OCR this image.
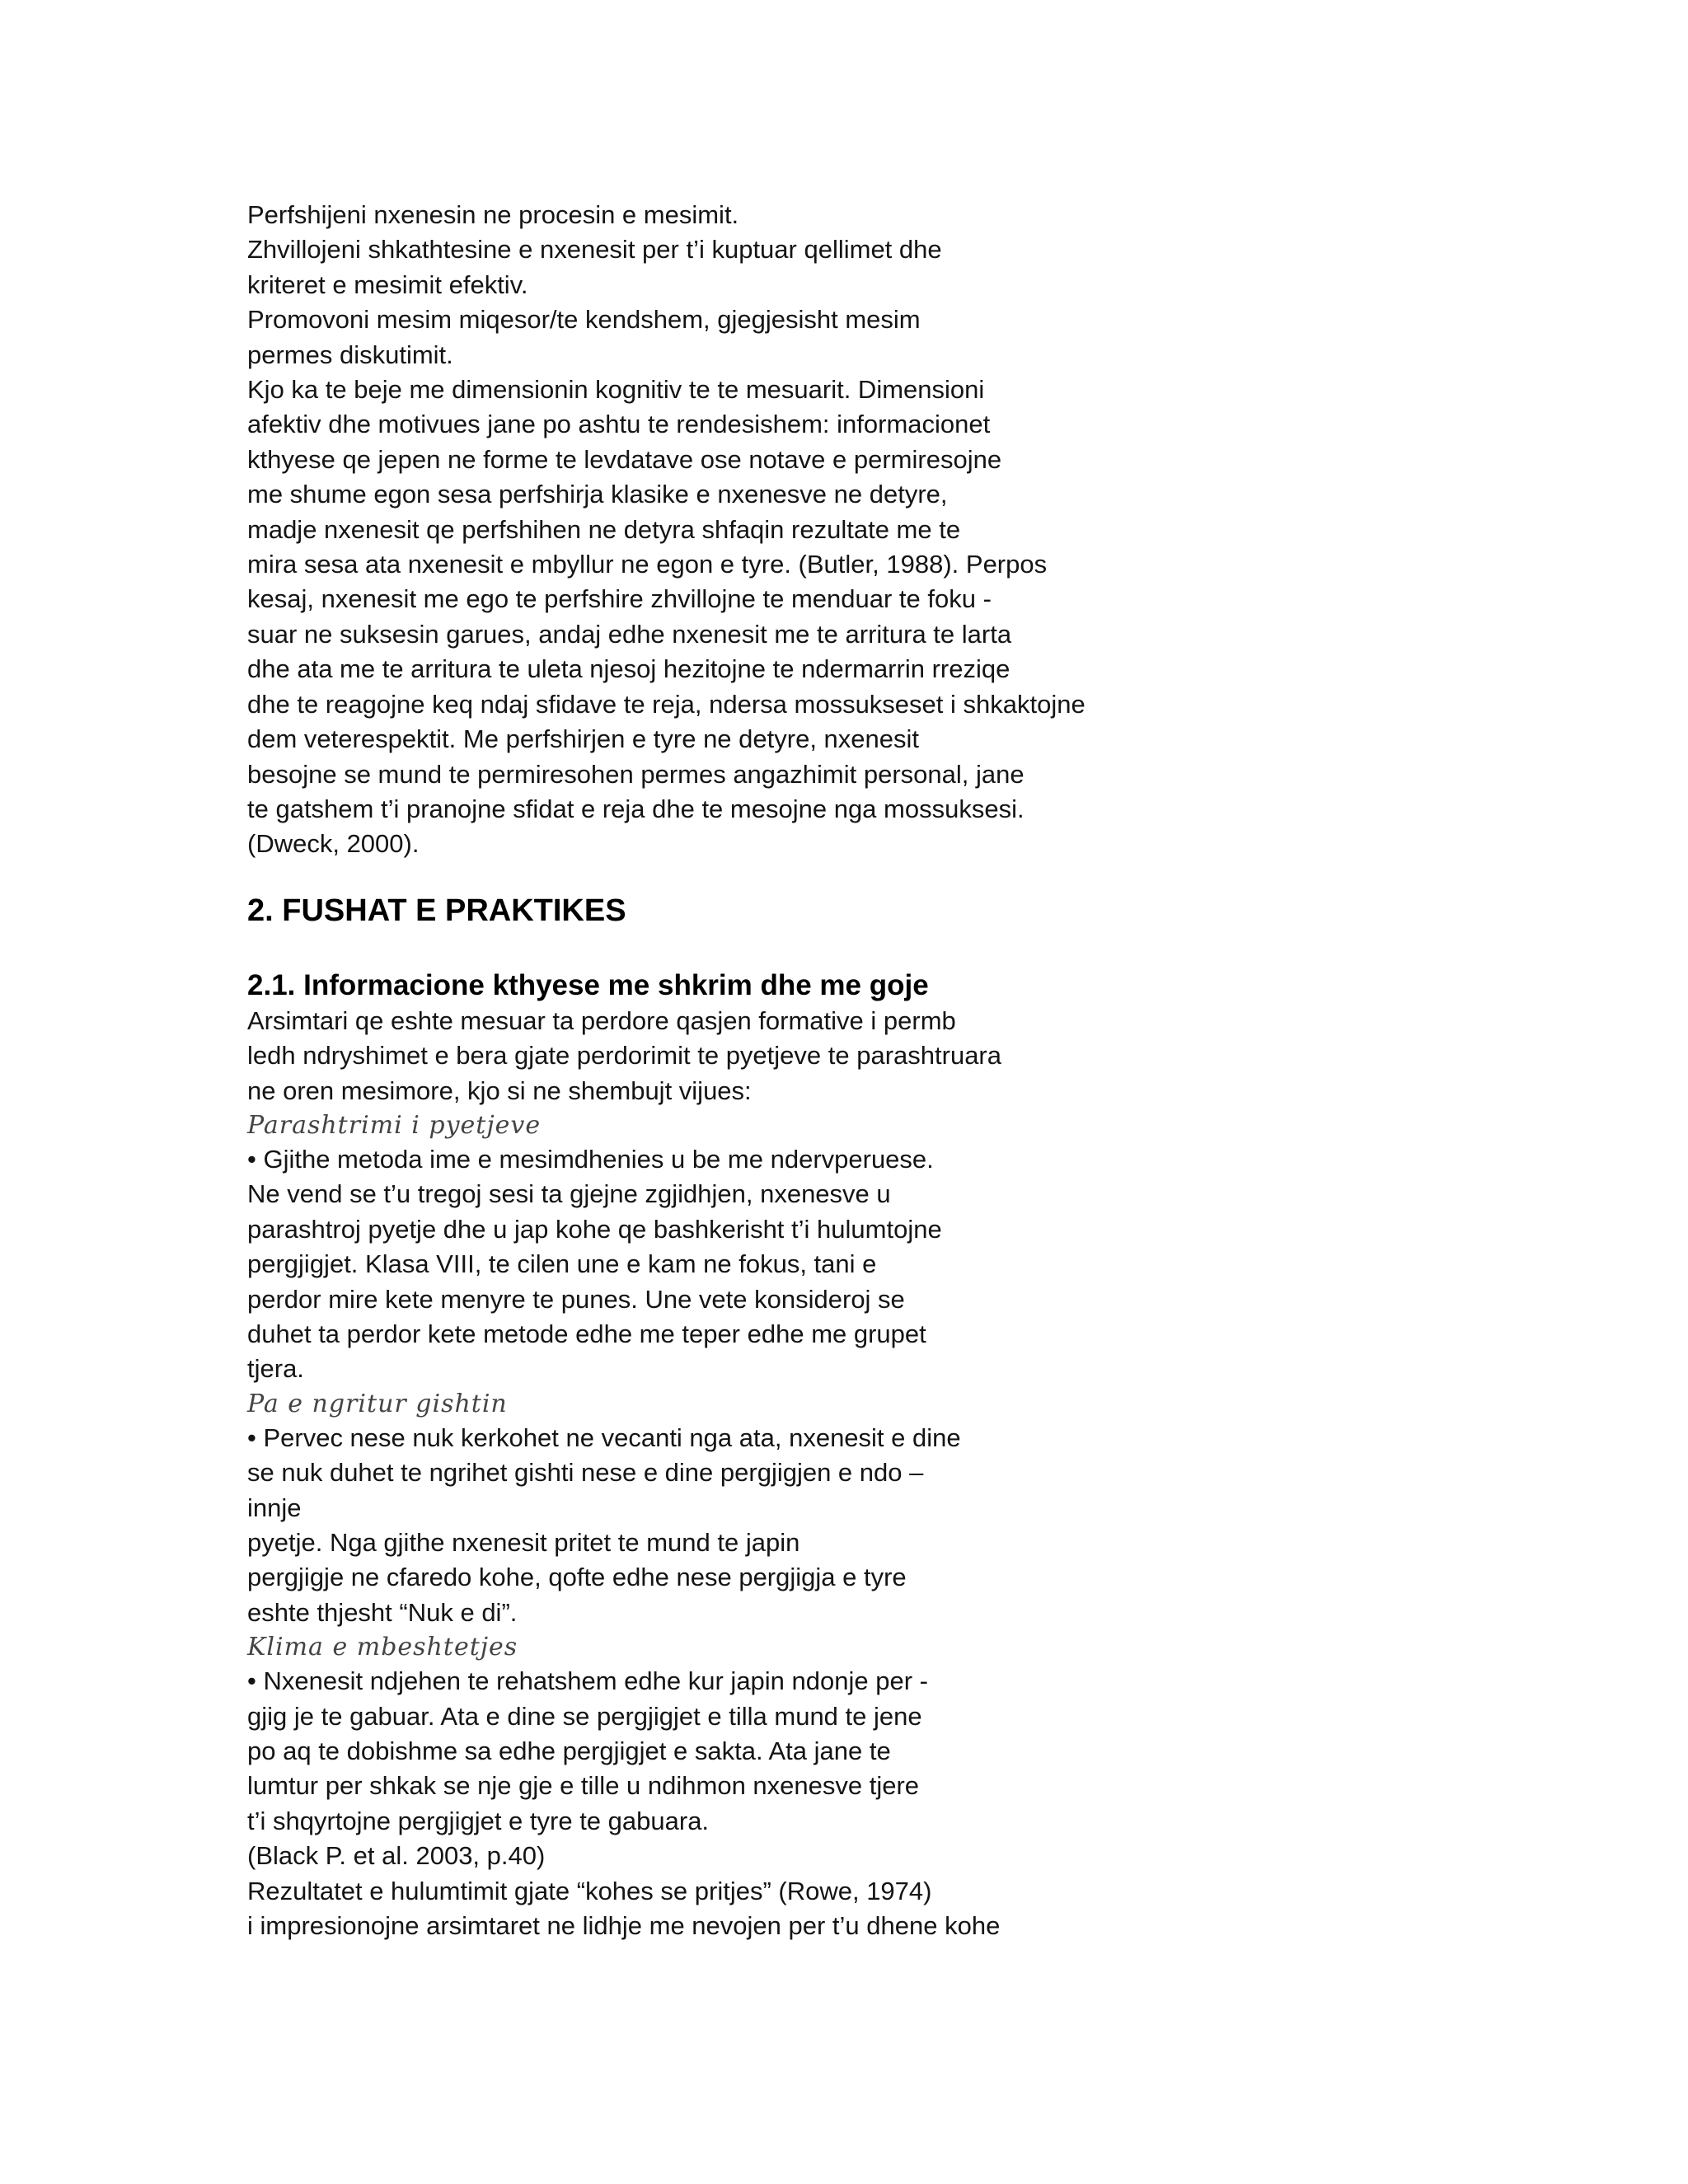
Perfshijeni nxenesin ne procesin e mesimit.
Zhvillojeni shkathtesine e nxenesit per t’i kuptuar qellimet dhe
kriteret e mesimit efektiv.
Promovoni mesim miqesor/te kendshem, gjegjesisht mesim
permes diskutimit.
Kjo ka te beje me dimensionin kognitiv te te mesuarit. Dimensioni
afektiv dhe motivues jane po ashtu te rendesishem: informacionet
kthyese qe jepen ne forme te levdatave ose notave e permiresojne
me shume egon sesa perfshirja klasike e nxenesve ne detyre,
madje nxenesit qe perfshihen ne detyra shfaqin rezultate me te
mira sesa ata nxenesit e mbyllur ne egon e tyre. (Butler, 1988). Perpos
kesaj, nxenesit me ego te perfshire zhvillojne te menduar te foku -
suar ne suksesin garues, andaj edhe nxenesit me te arritura te larta
dhe ata me te arritura te uleta njesoj hezitojne te ndermarrin rreziqe
dhe te reagojne keq ndaj sfidave te reja, ndersa mossukseset i shkaktojne
dem veterespektit. Me perfshirjen e tyre ne detyre, nxenesit
besojne se mund te permiresohen permes angazhimit personal, jane
te gatshem t’i pranojne sfidat e reja dhe te mesojne nga mossuksesi.
(Dweck, 2000).
2. FUSHAT E PRAKTIKES
2.1. Informacione kthyese me shkrim dhe me goje
Arsimtari qe eshte mesuar ta perdore qasjen formative i permb
ledh ndryshimet e bera gjate perdorimit te pyetjeve te parashtruara
ne oren mesimore, kjo si ne shembujt vijues:
Parashtrimi i pyetjeve
• Gjithe metoda ime e mesimdhenies u be me ndervperuese.
Ne vend se t’u tregoj sesi ta gjejne zgjidhjen, nxenesve u
parashtroj pyetje dhe u jap kohe qe bashkerisht t’i hulumtojne
pergjigjet. Klasa VIII, te cilen une e kam ne fokus, tani e
perdor mire kete menyre te punes. Une vete konsideroj se
duhet ta perdor kete metode edhe me teper edhe me grupet
tjera.
Pa e ngritur gishtin
• Pervec nese nuk kerkohet ne vecanti nga ata, nxenesit e dine
se nuk duhet te ngrihet gishti nese e dine pergjigjen e ndo –
innje
pyetje. Nga gjithe nxenesit pritet te mund te japin
pergjigje ne cfaredo kohe, qofte edhe nese pergjigja e tyre
eshte thjesht “Nuk e di”.
Klima e mbeshtetjes
• Nxenesit ndjehen te rehatshem edhe kur japin ndonje per -
gjig je te gabuar. Ata e dine se pergjigjet e tilla mund te jene
po aq te dobishme sa edhe pergjigjet e sakta. Ata jane te
lumtur per shkak se nje gje e tille u ndihmon nxenesve tjere
t’i shqyrtojne pergjigjet e tyre te gabuara.
(Black P. et al. 2003, p.40)
Rezultatet e hulumtimit gjate “kohes se pritjes” (Rowe, 1974)
i impresionojne arsimtaret ne lidhje me nevojen per t’u dhene kohe
